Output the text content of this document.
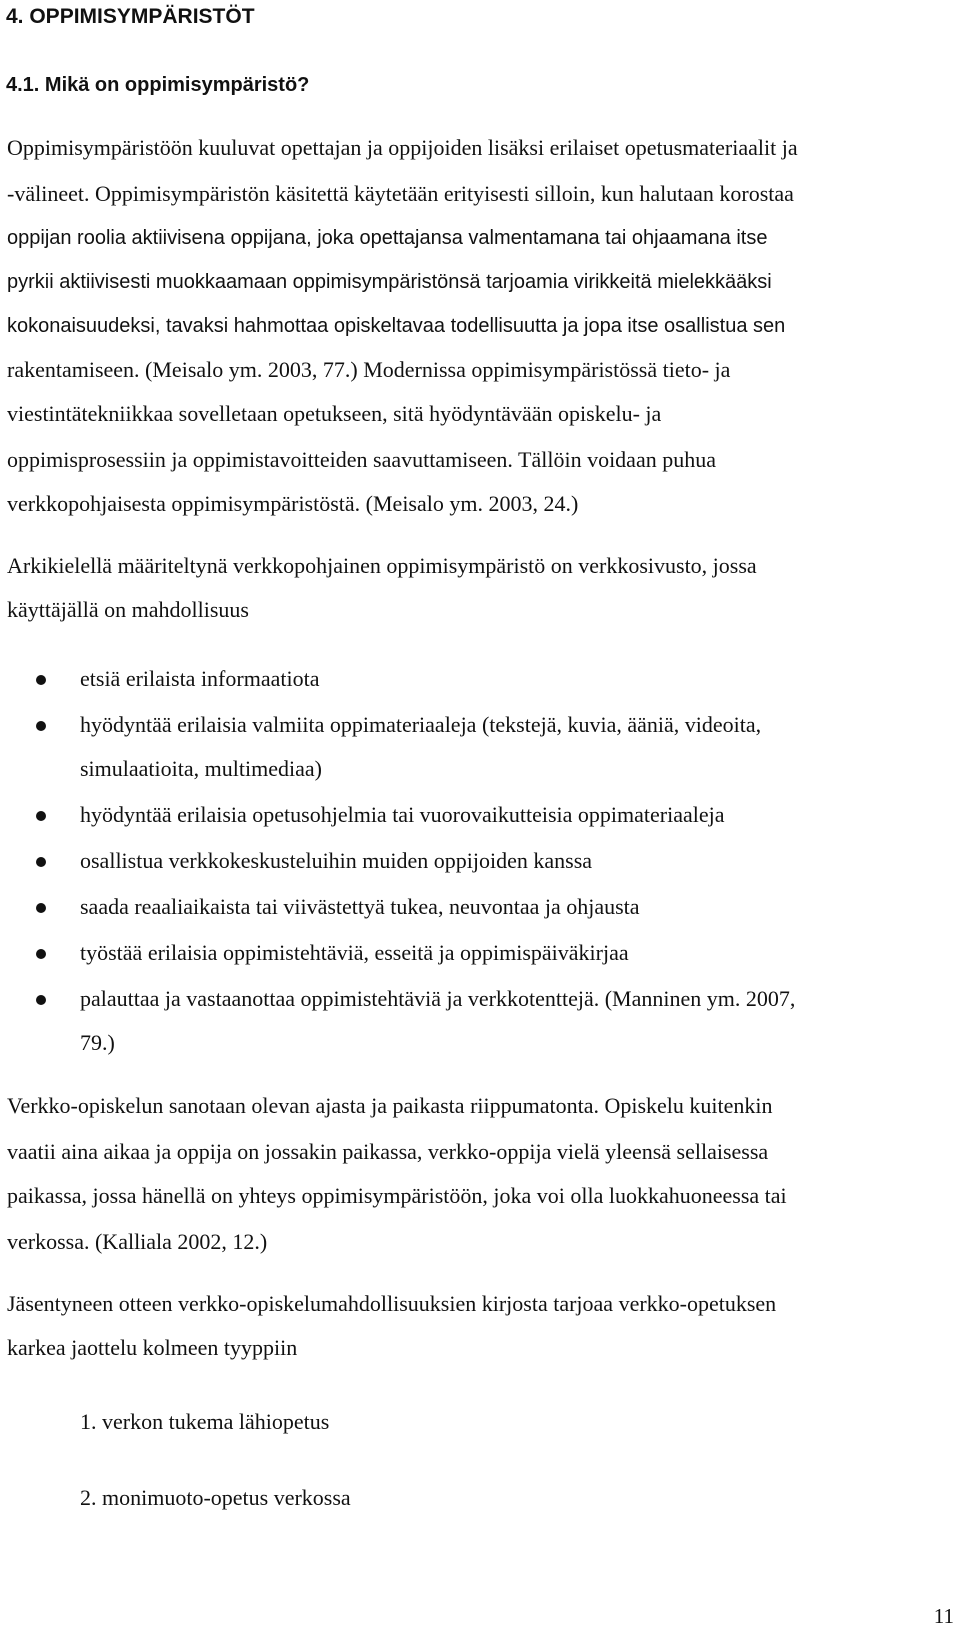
4. OPPIMISYMPÄRISTÖT
4.1. Mikä on oppimisympäristö?
Oppimisympäristöön kuuluvat opettajan ja oppijoiden lisäksi erilaiset opetusmateriaalit ja
-välineet. Oppimisympäristön käsitettä käytetään erityisesti silloin, kun halutaan korostaa
oppijan roolia aktiivisena oppijana, joka opettajansa valmentamana tai ohjaamana itse
pyrkii aktiivisesti muokkaamaan oppimisympäristönsä tarjoamia virikkeitä mielekkääksi
kokonaisuudeksi, tavaksi hahmottaa opiskeltavaa todellisuutta ja jopa itse osallistua sen
rakentamiseen. (Meisalo ym. 2003, 77.) Modernissa oppimisympäristössä tieto- ja
viestintätekniikkaa sovelletaan opetukseen, sitä hyödyntävään opiskelu- ja
oppimisprosessiin ja oppimistavoitteiden saavuttamiseen. Tällöin voidaan puhua
verkkopohjaisesta oppimisympäristöstä. (Meisalo ym. 2003, 24.)
Arkikielellä määriteltynä verkkopohjainen oppimisympäristö on verkkosivusto, jossa
käyttäjällä on mahdollisuus
etsiä erilaista informaatiota
hyödyntää erilaisia valmiita oppimateriaaleja (tekstejä, kuvia, ääniä, videoita,
simulaatioita, multimediaa)
hyödyntää erilaisia opetusohjelmia tai vuorovaikutteisia oppimateriaaleja
osallistua verkkokeskusteluihin muiden oppijoiden kanssa
saada reaaliaikaista tai viivästettyä tukea, neuvontaa ja ohjausta
työstää erilaisia oppimistehtäviä, esseitä ja oppimispäiväkirjaa
palauttaa ja vastaanottaa oppimistehtäviä ja verkkotenttejä. (Manninen ym. 2007,
79.)
Verkko-opiskelun sanotaan olevan ajasta ja paikasta riippumatonta. Opiskelu kuitenkin
vaatii aina aikaa ja oppija on jossakin paikassa, verkko-oppija vielä yleensä sellaisessa
paikassa, jossa hänellä on yhteys oppimisympäristöön, joka voi olla luokkahuoneessa tai
verkossa. (Kalliala 2002, 12.)
Jäsentyneen otteen verkko-opiskelumahdollisuuksien kirjosta tarjoaa verkko-opetuksen
karkea jaottelu kolmeen tyyppiin
1. verkon tukema lähiopetus
2. monimuoto-opetus verkossa
11
